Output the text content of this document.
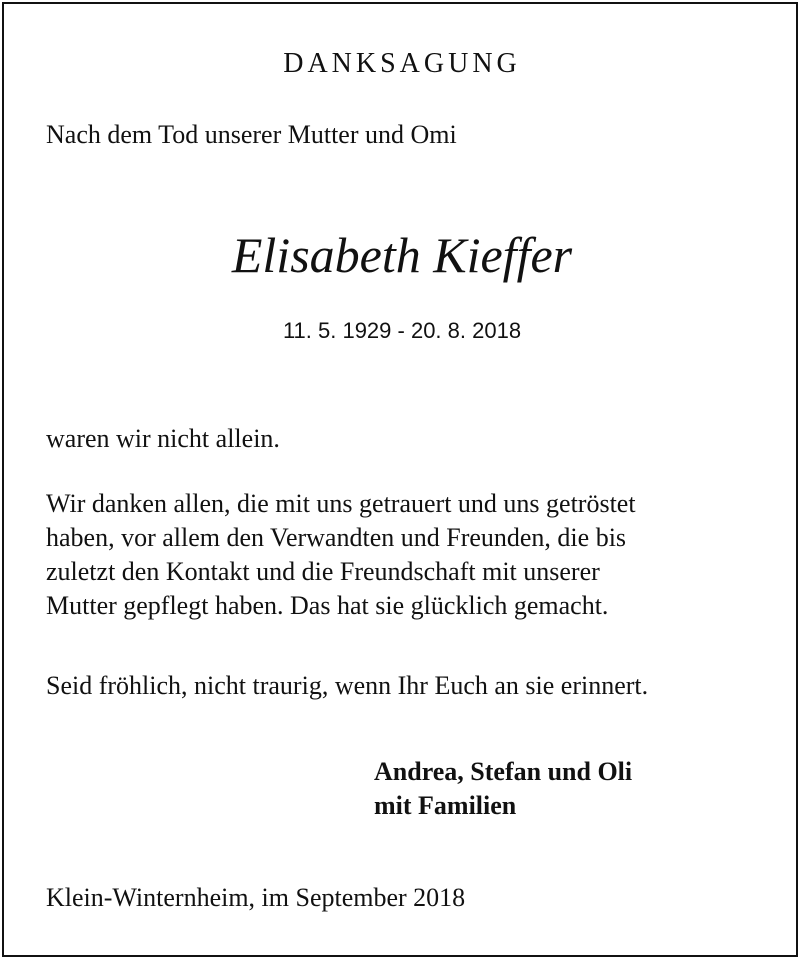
DANKSAGUNG

Nach dem Tod unserer Mutter und Omi

Elisabeth Kieffer

11. 5. 1929 - 20. 8. 2018

waren wir nicht allein.

Wir danken allen, die mit uns getrauert und uns getröstet

haben, vor allem den Verwandten und Freunden, die bis

zuletzt den Kontakt und die Freundschaft mit unserer

Mutter gepflegt haben. Das hat sie glücklich gemacht.

Seid fröhlich, nicht traurig, wenn Ihr Euch an sie erinnert.

Andrea, Stefan und Oli

mit Familien

Klein-Winternheim, im September 2018
